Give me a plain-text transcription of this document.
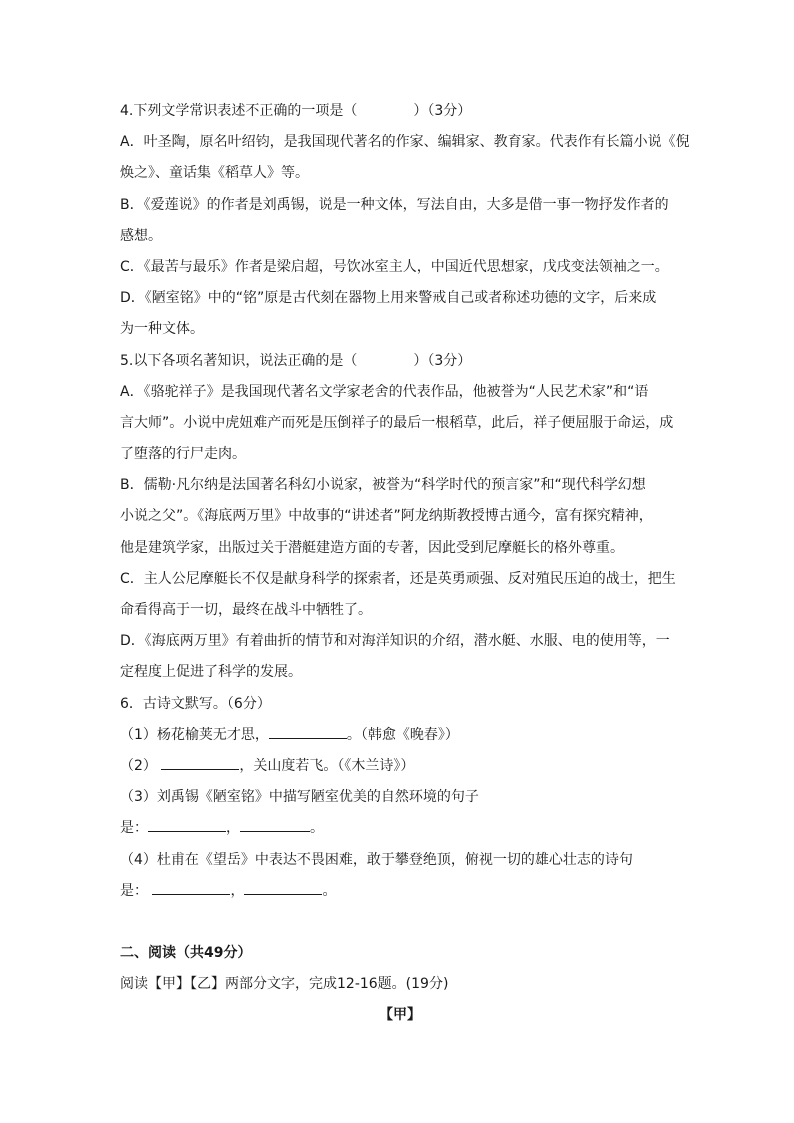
4.下列文学常识表述不正确的一项是（　　　　）（3分）
A．叶圣陶，原名叶绍钧，是我国现代著名的作家、编辑家、教育家。代表作有长篇小说《倪
焕之》、童话集《稻草人》等。
B．《爱莲说》的作者是刘禹锡，说是一种文体，写法自由，大多是借一事一物抒发作者的
感想。
C．《最苦与最乐》作者是梁启超，号饮冰室主人，中国近代思想家，戊戌变法领袖之一。
D．《陋室铭》中的“铭”原是古代刻在器物上用来警戒自己或者称述功德的文字，后来成
为一种文体。
5.以下各项名著知识，说法正确的是（　　　　）（3分）
A．《骆驼祥子》是我国现代著名文学家老舍的代表作品，他被誉为“人民艺术家”和“语
言大师”。小说中虎妞难产而死是压倒祥子的最后一根稻草，此后，祥子便屈服于命运，成
了堕落的行尸走肉。
B．儒勒·凡尔纳是法国著名科幻小说家，被誉为“科学时代的预言家”和“现代科学幻想
小说之父”。《海底两万里》中故事的“讲述者”阿龙纳斯教授博古通今，富有探究精神，
他是建筑学家，出版过关于潜艇建造方面的专著，因此受到尼摩艇长的格外尊重。
C．主人公尼摩艇长不仅是献身科学的探索者，还是英勇顽强、反对殖民压迫的战士，把生
命看得高于一切，最终在战斗中牺牲了。
D．《海底两万里》有着曲折的情节和对海洋知识的介绍，潜水艇、水服、电的使用等，一
定程度上促进了科学的发展。
6．古诗文默写。（6分）
（1）杨花榆荚无才思，	。（韩愈《晚春》）
（2）	，关山度若飞。（《木兰诗》）
（3）刘禹锡《陋室铭》中描写陋室优美的自然环境的句子
是：	，	。
（4）杜甫在《望岳》中表达不畏困难，敢于攀登绝顶，俯视一切的雄心壮志的诗句
是：	，	。
二、阅读（共49分）
阅读【甲】【乙】两部分文字，完成12-16题。(19分)
【甲】
